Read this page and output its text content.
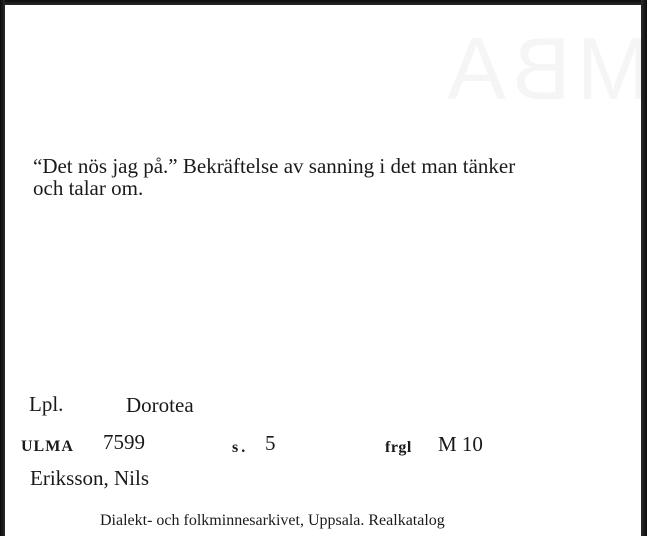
“Det nös jag på.” Bekräftelse av sanning i det man tänker
och talar om.
Lpl.	Dorotea
ULMA 7599	s. 5	frgl M 10
Eriksson, Nils
Dialekt- och folkminnesarkivet, Uppsala. Realkatalog
